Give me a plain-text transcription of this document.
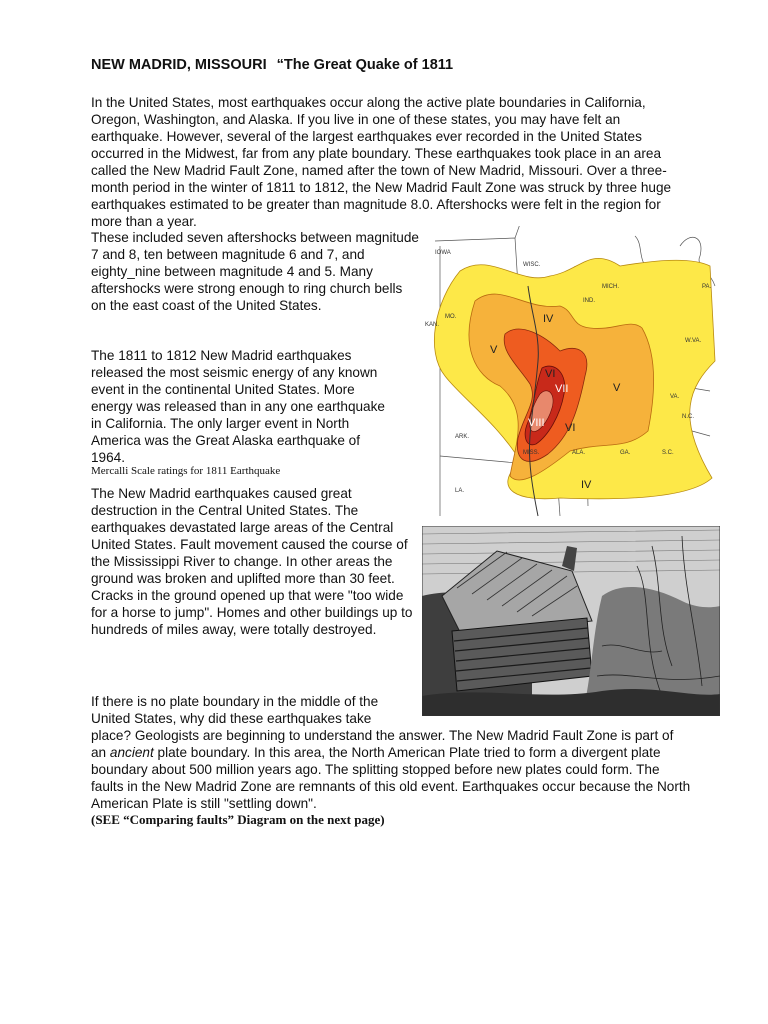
NEW MADRID, MISSOURI “The Great Quake of 1811

In the United States, most earthquakes occur along the active plate boundaries in California, Oregon, Washington, and Alaska. If you live in one of these states, you may have felt an earthquake. However, several of the largest earthquakes ever recorded in the United States occurred in the Midwest, far from any plate boundary. These earthquakes took place in an area called the New Madrid Fault Zone, named after the town of New Madrid, Missouri. Over a three-month period in the winter of 1811 to 1812, the New Madrid Fault Zone was struck by three huge earthquakes estimated to be greater than magnitude 8.0. Aftershocks were felt in the region for more than a year.

These included seven aftershocks between magnitude 7 and 8, ten between magnitude 6 and 7, and eighty_nine between magnitude 4 and 5. Many aftershocks were strong enough to ring church bells on the east coast of the United States.

The 1811 to 1812 New Madrid earthquakes released the most seismic energy of any known event in the continental United States. More energy was released than in any one earthquake in California. The only larger event in North America was the Great Alaska earthquake of 1964.

Mercalli Scale ratings for 1811 Earthquake

The New Madrid earthquakes caused great destruction in the Central United States. The earthquakes devastated large areas of the Central United States. Fault movement caused the course of the Mississippi River to change. In other areas the ground was broken and uplifted more than 30 feet. Cracks in the ground opened up that were "too wide for a horse to jump". Homes and other buildings up to hundreds of miles away, were totally destroyed.

If there is no plate boundary in the middle of the United States, why did these earthquakes take

place? Geologists are beginning to understand the answer. The New Madrid Fault Zone is part of an ancient plate boundary. In this area, the North American Plate tried to form a divergent plate boundary about 500 million years ago. The splitting stopped before new plates could form. The faults in the New Madrid Zone are remnants of this old event. Earthquakes occur because the North American Plate is still "settling down".

(SEE “Comparing faults” Diagram on the next page)
IV
V
V
VI
VII
VIII VI
IV
IOWA
WISC.
MICH.
IND.
PA.
MO.
KAN.
W.VA.
VA.
N.C.
S.C.
GA.
ALA.
MISS.
ARK.
LA.
